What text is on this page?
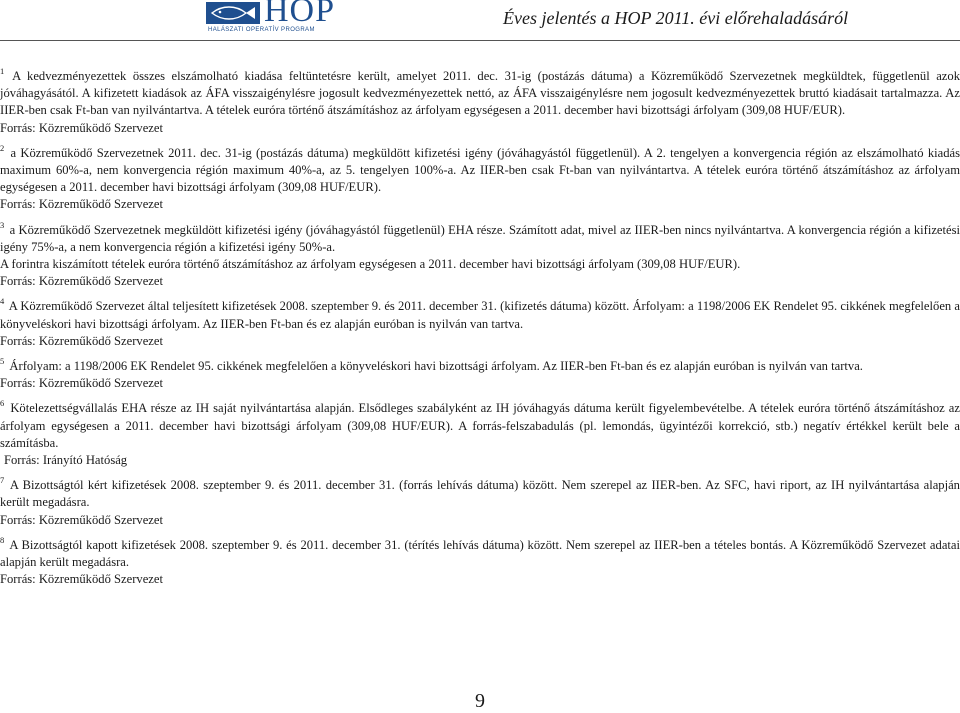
HOP
HALÁSZATI OPERATÍV PROGRAM
Éves jelentés a HOP 2011. évi előrehaladásáról

$^1$ A kedvezményezettek összes elszámolható kiadása feltüntetésre került, amelyet 2011. dec. 31-ig (postázás dátuma) a Közreműködő Szervezetnek megküldtek, függetlenül azok jóváhagyásától. A kifizetett kiadások az ÁFA visszaigénylésre jogosult kedvezményezettek nettó, az ÁFA visszaigénylésre nem jogosult kedvezményezettek bruttó kiadásait tartalmazza. Az IIER-ben csak Ft-ban van nyilvántartva. A tételek euróra történő átszámításhoz az árfolyam egységesen a 2011. december havi bizottsági árfolyam (309,08 HUF/EUR).

Forrás: Közreműködő Szervezet

$^2$ a Közreműködő Szervezetnek 2011. dec. 31-ig (postázás dátuma) megküldött kifizetési igény (jóváhagyástól függetlenül). A 2. tengelyen a konvergencia régión az elszámolható kiadás maximum 60%-a, nem konvergencia régión maximum 40%-a, az 5. tengelyen 100%-a. Az IIER-ben csak Ft-ban van nyilvántartva. A tételek euróra történő átszámításhoz az árfolyam egységesen a 2011. december havi bizottsági árfolyam (309,08 HUF/EUR).

Forrás: Közreműködő Szervezet

$^3$ a Közreműködő Szervezetnek megküldött kifizetési igény (jóváhagyástól függetlenül) EHA része. Számított adat, mivel az IIER-ben nincs nyilvántartva. A konvergencia régión a kifizetési igény 75%-a, a nem konvergencia régión a kifizetési igény 50%-a.

A forintra kiszámított tételek euróra történő átszámításhoz az árfolyam egységesen a 2011. december havi bizottsági árfolyam (309,08 HUF/EUR).

Forrás: Közreműködő Szervezet

$^4$ A Közreműködő Szervezet által teljesített kifizetések 2008. szeptember 9. és 2011. december 31. (kifizetés dátuma) között. Árfolyam: a 1198/2006 EK Rendelet 95. cikkének megfelelően a könyveléskori havi bizottsági árfolyam. Az IIER-ben Ft-ban és ez alapján euróban is nyilván van tartva.

Forrás: Közreműködő Szervezet

$^5$ Árfolyam: a 1198/2006 EK Rendelet 95. cikkének megfelelően a könyveléskori havi bizottsági árfolyam. Az IIER-ben Ft-ban és ez alapján euróban is nyilván van tartva.

Forrás: Közreműködő Szervezet

$^6$ Kötelezettségvállalás EHA része az IH saját nyilvántartása alapján. Elsődleges szabályként az IH jóváhagyás dátuma került figyelembevételbe. A tételek euróra történő átszámításhoz az árfolyam egységesen a 2011. december havi bizottsági árfolyam (309,08 HUF/EUR). A forrás-felszabadulás (pl. lemondás, ügyintézői korrekció, stb.) negatív értékkel került bele a számításba.

Forrás: Irányító Hatóság

$^7$ A Bizottságtól kért kifizetések 2008. szeptember 9. és 2011. december 31. (forrás lehívás dátuma) között. Nem szerepel az IIER-ben. Az SFC, havi riport, az IH nyilvántartása alapján került megadásra.

Forrás: Közreműködő Szervezet

$^8$ A Bizottságtól kapott kifizetések 2008. szeptember 9. és 2011. december 31. (térítés lehívás dátuma) között. Nem szerepel az IIER-ben a tételes bontás. A Közreműködő Szervezet adatai alapján került megadásra.

Forrás: Közreműködő Szervezet

9
